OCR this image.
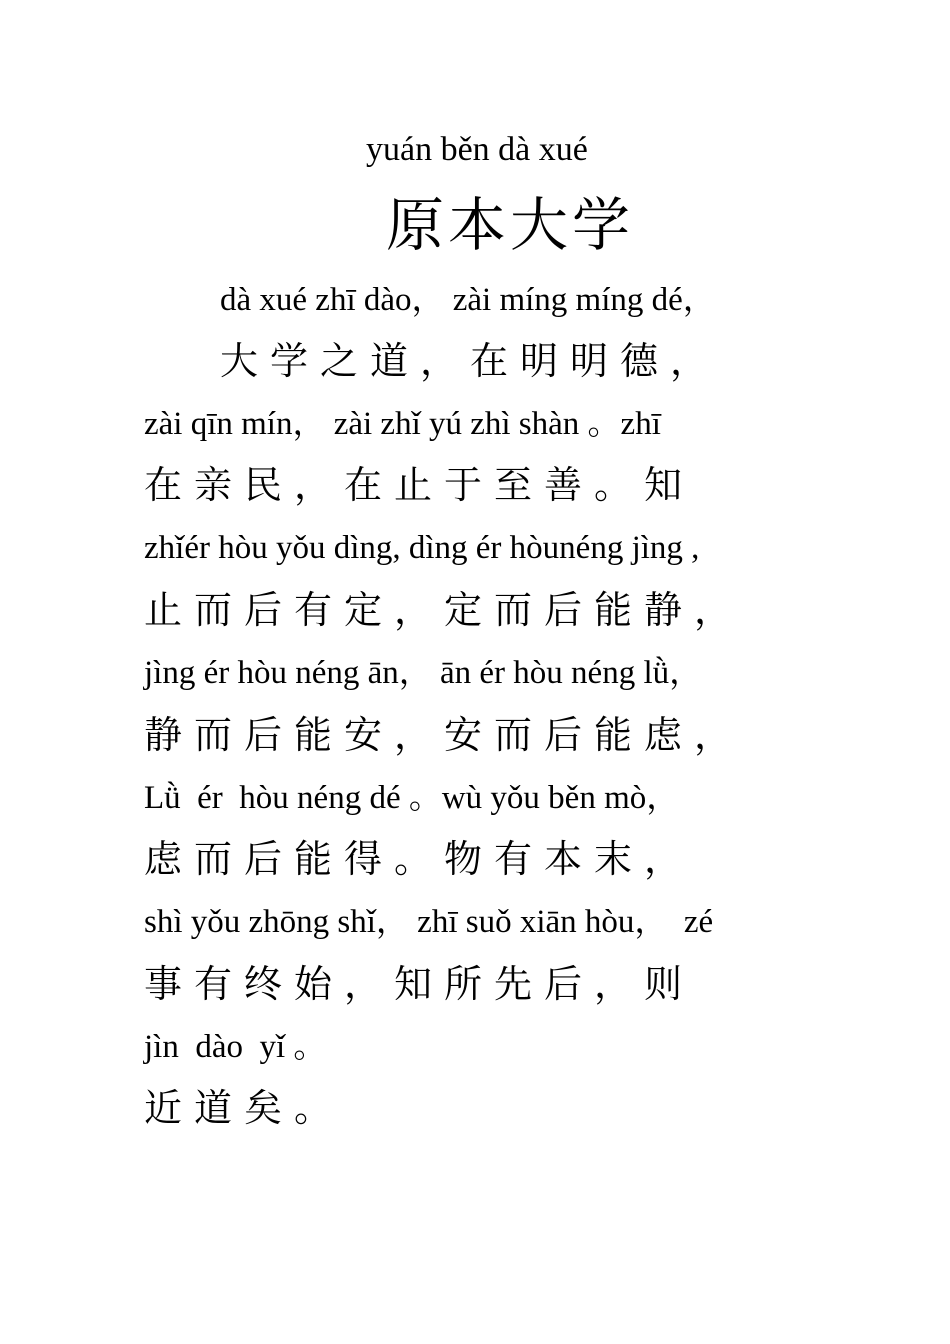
yuán běn dà xué
原本大学
dà xué zhī dào， zài míng míng dé，
大学之道，在明明德，
zài qīn mín， zài zhǐ yú zhì shàn 。zhī
在亲民，在止于至善。知
zhǐér hòu yǒu dìng, dìng ér hòunéng jìng ,
止而后有定，定而后能静，
jìng ér hòu néng ān， ān ér hòu néng lǜ，
静而后能安，安而后能虑，
Lǜ  ér  hòu néng dé 。wù yǒu běn mò，
虑而后能得。物有本末，
shì yǒu zhōng shǐ， zhī suǒ xiān hòu，  zé
事有终始，知所先后，则
jìn  dào  yǐ 。
近道矣。
